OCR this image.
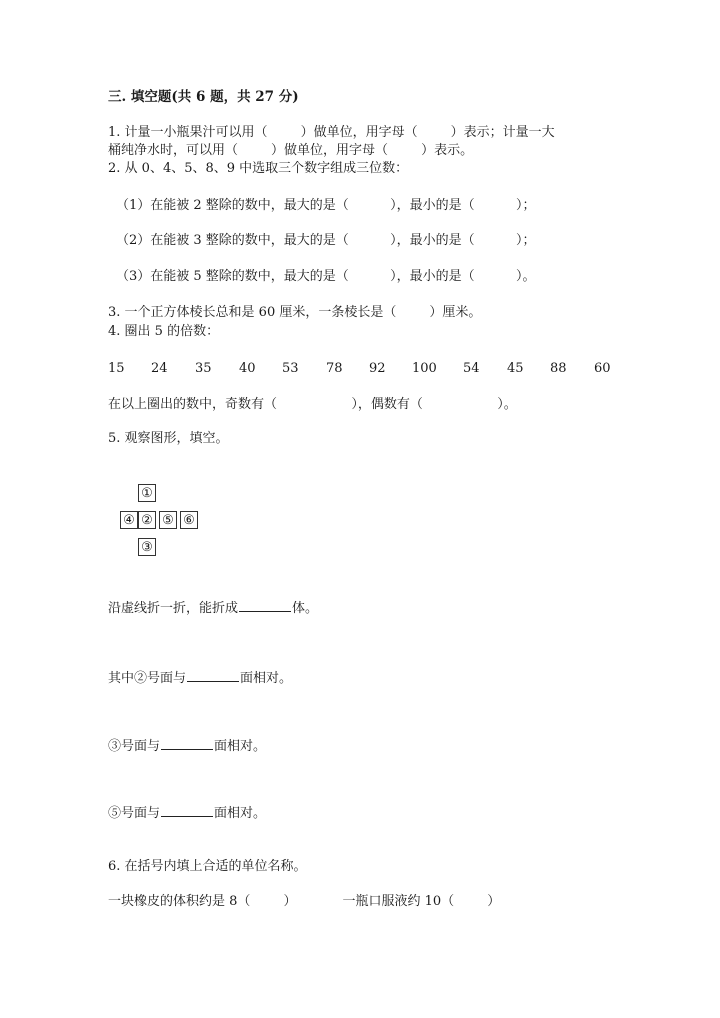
三. 填空题(共 6 题，共 27 分)
1. 计量一小瓶果汁可以用（        ）做单位，用字母（        ）表示；计量一大
桶纯净水时，可以用（        ）做单位，用字母（        ）表示。
2. 从 0、4、5、8、9 中选取三个数字组成三位数：
（1）在能被 2 整除的数中，最大的是（          ），最小的是（          ）；
（2）在能被 3 整除的数中，最大的是（          ），最小的是（          ）；
（3）在能被 5 整除的数中，最大的是（          ），最小的是（          ）。
3. 一个正方体棱长总和是 60 厘米，一条棱长是（        ）厘米。
4. 圈出 5 的倍数：
15 24 35 40 53 78 92 100 54 45 88 60
在以上圈出的数中，奇数有（                  ），偶数有（                  ）。
5. 观察图形，填空。
①
④ ② ⑤ ⑥
③
沿虚线折一折，能折成	体。
其中②号面与	面相对。
③号面与	面相对。
⑤号面与	面相对。
6. 在括号内填上合适的单位名称。
一块橡皮的体积约是 8（        ）	一瓶口服液约 10（        ）
